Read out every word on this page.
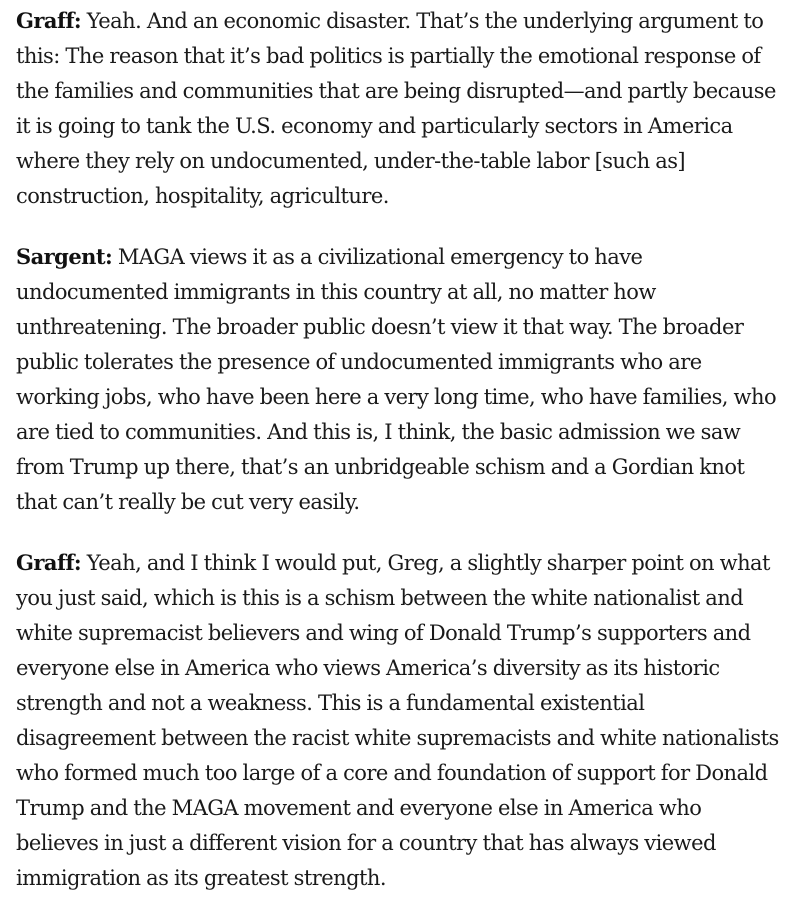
Graff: Yeah. And an economic disaster. That’s the underlying argument to this: The reason that it’s bad politics is partially the emotional response of the families and communities that are being disrupted—and partly because it is going to tank the U.S. economy and particularly sectors in America where they rely on undocumented, under-the-table labor [such as] construction, hospitality, agriculture.

Sargent: MAGA views it as a civilizational emergency to have undocumented immigrants in this country at all, no matter how unthreatening. The broader public doesn’t view it that way. The broader public tolerates the presence of undocumented immigrants who are working jobs, who have been here a very long time, who have families, who are tied to communities. And this is, I think, the basic admission we saw from Trump up there, that’s an unbridgeable schism and a Gordian knot that can’t really be cut very easily.

Graff: Yeah, and I think I would put, Greg, a slightly sharper point on what you just said, which is this is a schism between the white nationalist and white supremacist believers and wing of Donald Trump’s supporters and everyone else in America who views America’s diversity as its historic strength and not a weakness. This is a fundamental existential disagreement between the racist white supremacists and white nationalists who formed much too large of a core and foundation of support for Donald Trump and the MAGA movement and everyone else in America who believes in just a different vision for a country that has always viewed immigration as its greatest strength.
